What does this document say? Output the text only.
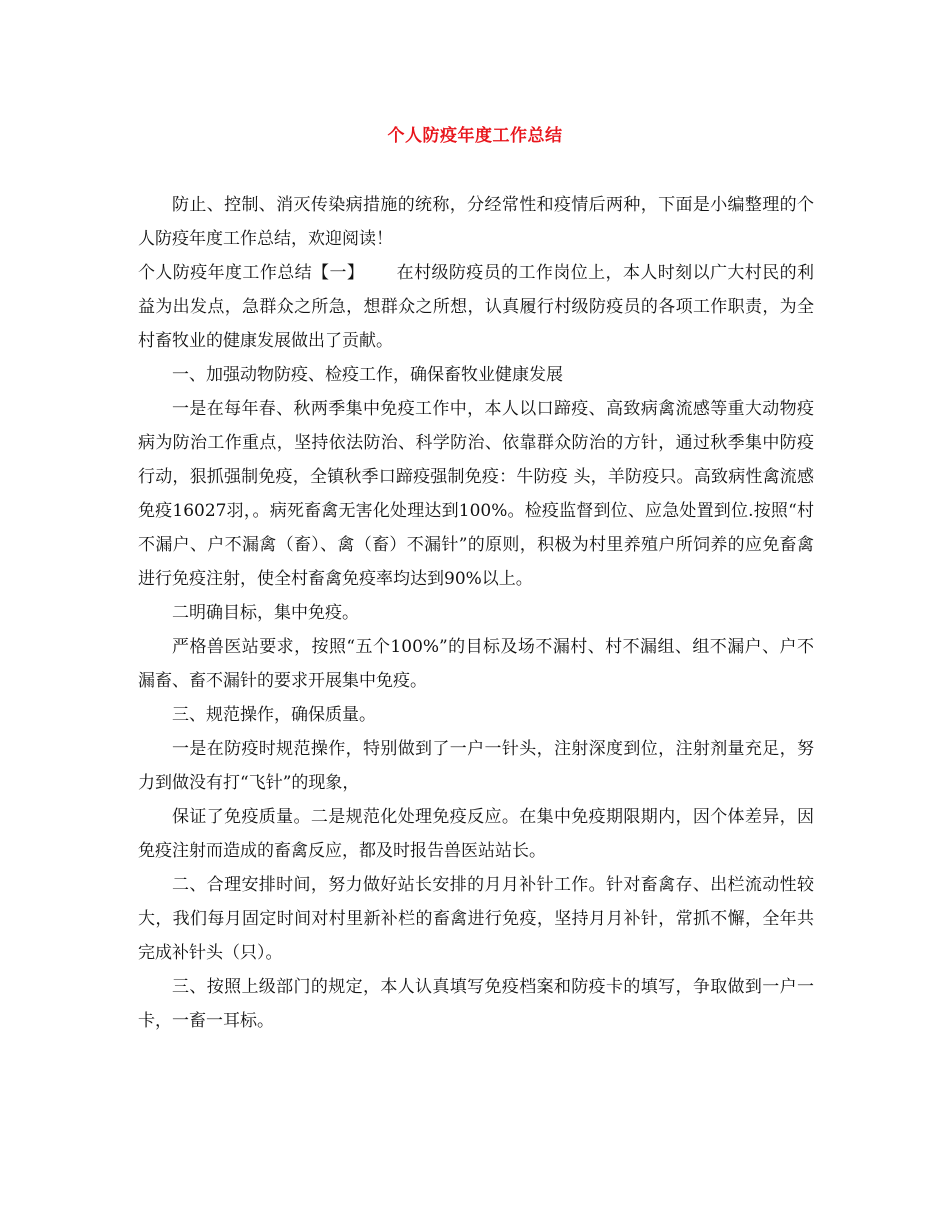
个人防疫年度工作总结

防止、控制、消灭传染病措施的统称，分经常性和疫情后两种，下面是小编整理的个人防疫年度工作总结，欢迎阅读！

个人防疫年度工作总结【一】 在村级防疫员的工作岗位上，本人时刻以广大村民的利益为出发点，急群众之所急，想群众之所想，认真履行村级防疫员的各项工作职责，为全村畜牧业的健康发展做出了贡献。

一、加强动物防疫、检疫工作，确保畜牧业健康发展

一是在每年春、秋两季集中免疫工作中，本人以口蹄疫、高致病禽流感等重大动物疫病为防治工作重点，坚持依法防治、科学防治、依靠群众防治的方针，通过秋季集中防疫行动，狠抓强制免疫，全镇秋季口蹄疫强制免疫：牛防疫 头，羊防疫只。高致病性禽流感免疫16027羽，。病死畜禽无害化处理达到100%。检疫监督到位、应急处置到位.按照“村不漏户、户不漏禽（畜）、禽（畜）不漏针”的原则，积极为村里养殖户所饲养的应免畜禽进行免疫注射，使全村畜禽免疫率均达到90%以上。

二明确目标，集中免疫。

严格兽医站要求，按照“五个100%”的目标及场不漏村、村不漏组、组不漏户、户不漏畜、畜不漏针的要求开展集中免疫。

三、规范操作，确保质量。

一是在防疫时规范操作，特别做到了一户一针头，注射深度到位，注射剂量充足，努力到做没有打“飞针”的现象，

保证了免疫质量。二是规范化处理免疫反应。在集中免疫期限期内，因个体差异，因免疫注射而造成的畜禽反应，都及时报告兽医站站长。

二、合理安排时间，努力做好站长安排的月月补针工作。针对畜禽存、出栏流动性较大，我们每月固定时间对村里新补栏的畜禽进行免疫，坚持月月补针，常抓不懈，全年共完成补针头（只）。

三、按照上级部门的规定，本人认真填写免疫档案和防疫卡的填写，争取做到一户一卡，一畜一耳标。
